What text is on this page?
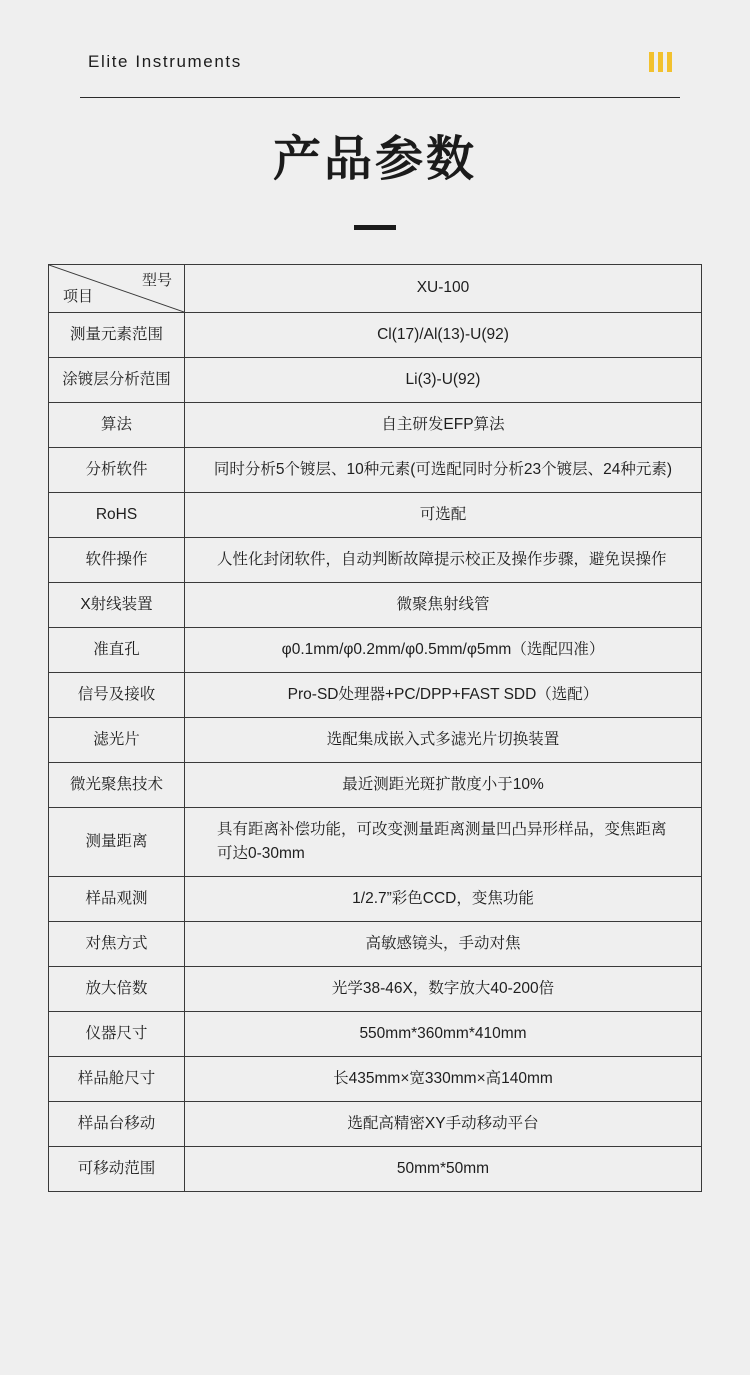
Elite Instruments
产品参数
型号
项目	XU-100
测量元素范围	Cl(17)/Al(13)-U(92)
涂镀层分析范围	Li(3)-U(92)
算法	自主研发EFP算法
分析软件	同时分析5个镀层、10种元素(可选配同时分析23个镀层、24种元素)
RoHS	可选配
软件操作	人性化封闭软件，自动判断故障提示校正及操作步骤，避免误操作
X射线装置	微聚焦射线管
准直孔	φ0.1mm/φ0.2mm/φ0.5mm/φ5mm（选配四准）
信号及接收	Pro-SD处理器+PC/DPP+FAST SDD（选配）
滤光片	选配集成嵌入式多滤光片切换装置
微光聚焦技术	最近测距光斑扩散度小于10%
测量距离	具有距离补偿功能，可改变测量距离测量凹凸异形样品，变焦距离可达0-30mm
样品观测	1/2.7”彩色CCD，变焦功能
对焦方式	高敏感镜头，手动对焦
放大倍数	光学38-46X，数字放大40-200倍
仪器尺寸	550mm*360mm*410mm
样品舱尺寸	长435mm×宽330mm×高140mm
样品台移动	选配高精密XY手动移动平台
可移动范围	50mm*50mm
